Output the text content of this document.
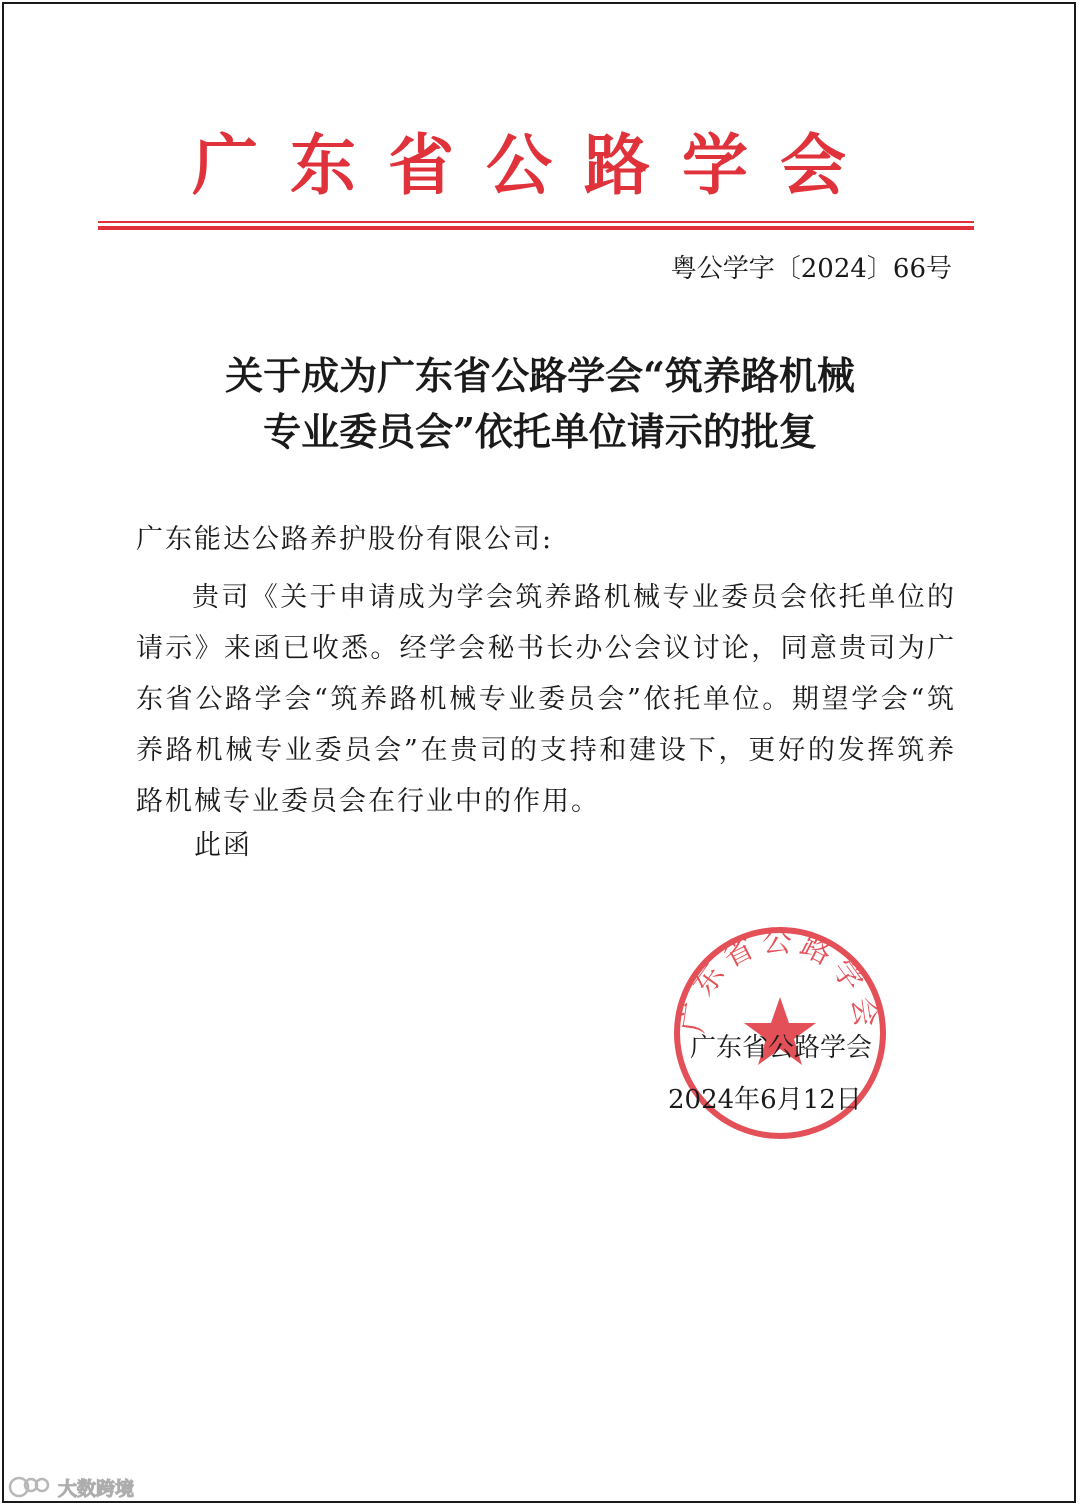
广东省公路学会
粤公学字〔2024〕66号
关于成为广东省公路学会“筑养路机械
专业委员会”依托单位请示的批复
广东能达公路养护股份有限公司:
贵司《关于申请成为学会筑养路机械专业委员会依托单位的请示》来函已收悉。经学会秘书长办公会议讨论，同意贵司为广东省公路学会“筑养路机械专业委员会”依托单位。期望学会“筑养路机械专业委员会”在贵司的支持和建设下，更好的发挥筑养路机械专业委员会在行业中的作用。
此函
广东省公路学会
广东省公路学会
2024年6月12日
大数跨境
